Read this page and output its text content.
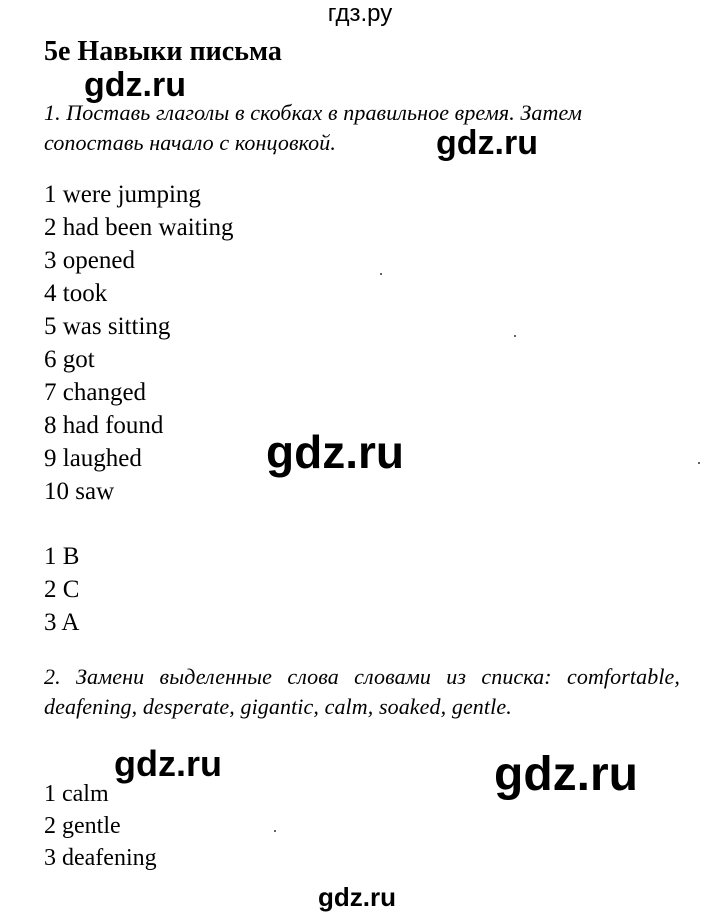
гдз.ру
5e Навыки письма
1. Поставь глаголы в скобках в правильное время. Затем сопоставь начало с концовкой.
1 were jumping
2 had been waiting
3 opened
4 took
5 was sitting
6 got
7 changed
8 had found
9 laughed
10 saw
1 B
2 C
3 A
2. Замени выделенные слова словами из списка: comfortable, deafening, desperate, gigantic, calm, soaked, gentle.
1 calm
2 gentle
3 deafening
gdz.ru
gdz.ru
gdz.ru
gdz.ru	gdz.ru
gdz.ru
